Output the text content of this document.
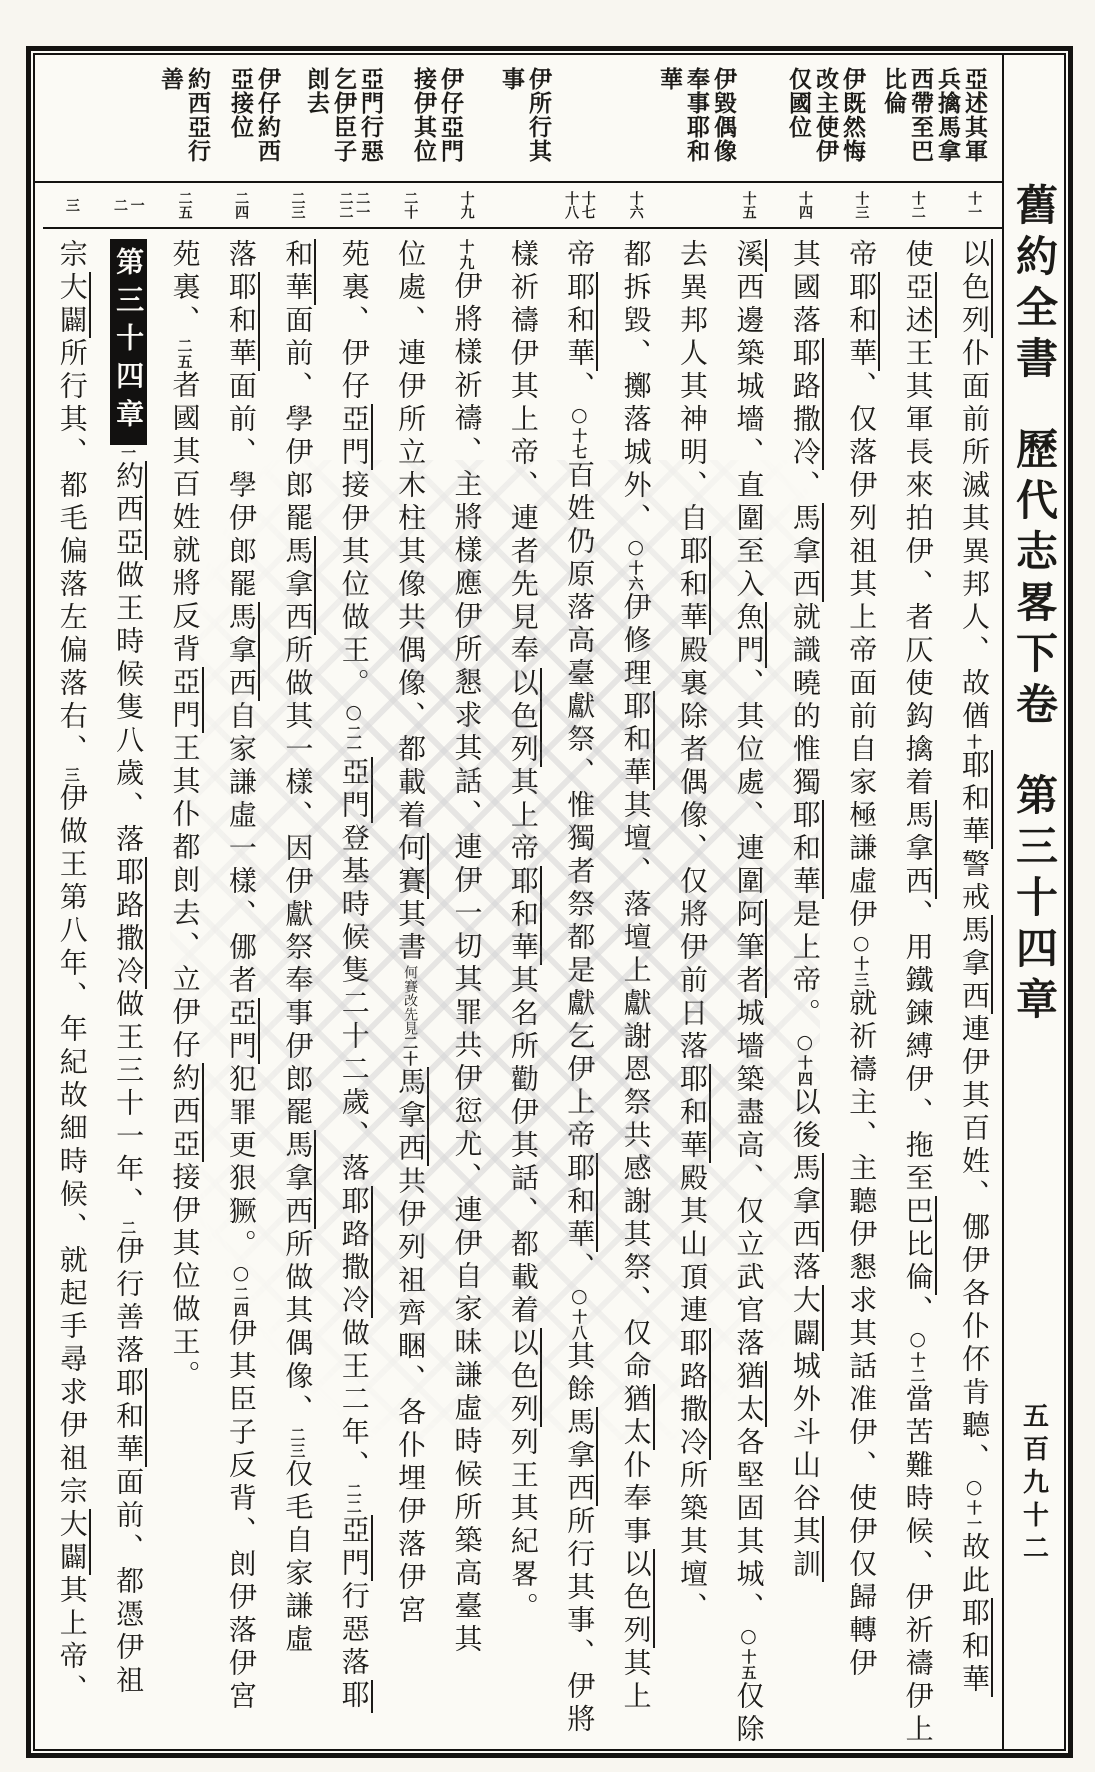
亞述其軍兵擒馬拿西帶至巴比倫
伊既然悔改主使伊仅國位
伊毀偶像奉事耶和華
伊所行其事
伊仔亞門接伊其位
亞門行惡乞伊臣子剆去
伊仔約西亞接位
約西亞行善
十一
以色列仆面前所滅其異邦人、故偤十耶和華警戒馬拿西連伊其百姓、㑚伊各仆伓肯聽、○十一故此耶和華
十二
使亞述王其軍長來拍伊、者仄使鈎擒着馬拿西、用鐵鍊縛伊、拖至巴比倫、○十二當苦難時候、伊祈禱伊上
十三
帝耶和華、仅落伊列祖其上帝面前自家極謙虛伊○十三就祈禱主、主聽伊懇求其話准伊、使伊仅歸轉伊
十四
其國落耶路撒冷、馬拿西就識曉的惟獨耶和華是上帝。○十四以後馬拿西落大闢城外斗山谷其訓
十五
溪西邊築城墻、直圍至入魚門、其位處、連圍阿筆者城墻築盡高、仅立武官落猶太各堅固其城、○十五仅除
去異邦人其神明、自耶和華殿裏除者偶像、仅將伊前日落耶和華殿其山頂連耶路撒冷所築其壇、
十六
都拆毀、擲落城外、○十六伊修理耶和華其壇、落壇上獻謝恩祭共感謝其祭、仅命猶太仆奉事以色列其上
十七
十八
帝耶和華、○十七百姓仍原落高臺獻祭、惟獨者祭都是獻乞伊上帝耶和華、○十八其餘馬拿西所行其事、伊將
樣祈禱伊其上帝、連者先見奉以色列其上帝耶和華其名所勸伊其話、都載着以色列列王其紀畧。
十九
十九伊將樣祈禱、主將樣應伊所懇求其話、連伊一切其罪共伊愆尤、連伊自家昧謙虛時候所築高臺其
二十
位處、連伊所立木柱其像共偶像、都載着何賽其書何賽改先見二十馬拿西共伊列祖齊睏、各仆埋伊落伊宮
二一
二二
苑裏、伊仔亞門接伊其位做王。○二一亞門登基時候隻二十二歲、落耶路撒冷做王二年、二二亞門行惡落耶
二三
和華面前、學伊郎罷馬拿西所做其一樣、因伊獻祭奉事伊郎罷馬拿西所做其偶像、二三仅毛自家謙虛
二四
落耶和華面前、學伊郎罷馬拿西自家謙虛一樣、㑚者亞門犯罪更狠獗。○二四伊其臣子反背、剆伊落伊宮
二五
苑裏、二五者國其百姓就將反背亞門王其仆都剆去、立伊仔約西亞接伊其位做王。
一
二
第三十四章一約西亞做王時候隻八歲、落耶路撒冷做王三十一年、二伊行善落耶和華面前、都憑伊祖
三
宗大闢所行其、都毛偏落左偏落右、三伊做王第八年、年紀故細時候、就起手尋求伊祖宗大闢其上帝、
舊約全書歷代志畧下卷第三十四章
五百九十二
